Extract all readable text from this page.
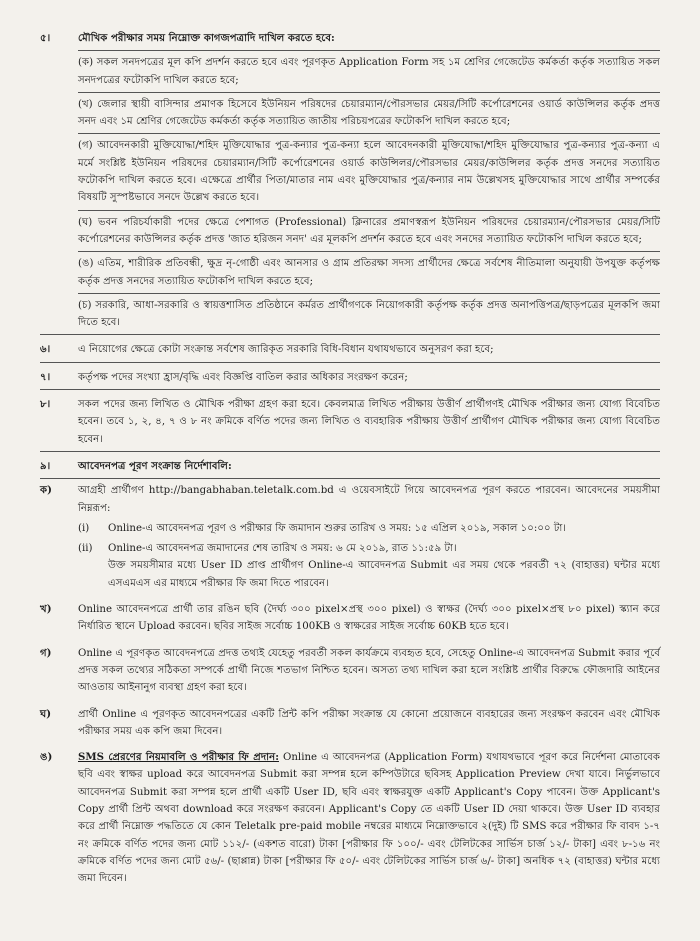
৫।	মৌখিক পরীক্ষার সময় নিম্নোক্ত কাগজপত্রাদি দাখিল করতে হবে:
(ক) সকল সনদপত্রের মূল কপি প্রদর্শন করতে হবে এবং পূরণকৃত Application Form সহ ১ম শ্রেণির গেজেটেড কর্মকর্তা কর্তৃক সত্যায়িত সকল সনদপত্রের ফটোকপি দাখিল করতে হবে;
(খ) জেলার স্থায়ী বাসিন্দার প্রমাণক হিসেবে ইউনিয়ন পরিষদের চেয়ারম্যান/পৌরসভার মেয়র/সিটি কর্পোরেশনের ওয়ার্ড কাউন্সিলর কর্তৃক প্রদত্ত সনদ এবং ১ম শ্রেণির গেজেটেড কর্মকর্তা কর্তৃক সত্যায়িত জাতীয় পরিচয়পত্রের ফটোকপি দাখিল করতে হবে;
(গ) আবেদনকারী মুক্তিযোদ্ধা/শহিদ মুক্তিযোদ্ধার পুত্র-কন্যার পুত্র-কন্যা হলে আবেদনকারী মুক্তিযোদ্ধা/শহিদ মুক্তিযোদ্ধার পুত্র-কন্যার পুত্র-কন্যা এ মর্মে সংশ্লিষ্ট ইউনিয়ন পরিষদের চেয়ারম্যান/সিটি কর্পোরেশনের ওয়ার্ড কাউন্সিলর/পৌরসভার মেয়র/কাউন্সিলর কর্তৃক প্রদত্ত সনদের সত্যায়িত ফটোকপি দাখিল করতে হবে। এক্ষেত্রে প্রার্থীর পিতা/মাতার নাম এবং মুক্তিযোদ্ধার পুত্র/কন্যার নাম উল্লেখসহ মুক্তিযোদ্ধার সাথে প্রার্থীর সম্পর্কের বিষয়টি সুস্পষ্টভাবে সনদে উল্লেখ করতে হবে।
(ঘ) ভবন পরিচর্যাকারী পদের ক্ষেত্রে পেশাগত (Professional) ক্লিনারের প্রমাণস্বরূপ ইউনিয়ন পরিষদের চেয়ারম্যান/পৌরসভার মেয়র/সিটি কর্পোরেশনের কাউন্সিলর কর্তৃক প্রদত্ত 'জাত হরিজন সনদ' এর মূলকপি প্রদর্শন করতে হবে এবং সনদের সত্যায়িত ফটোকপি দাখিল করতে হবে;
(ঙ) এতিম, শারীরিক প্রতিবন্ধী, ক্ষুদ্র নৃ-গোষ্ঠী এবং আনসার ও গ্রাম প্রতিরক্ষা সদস্য প্রার্থীদের ক্ষেত্রে সর্বশেষ নীতিমালা অনুযায়ী উপযুক্ত কর্তৃপক্ষ কর্তৃক প্রদত্ত সনদের সত্যায়িত ফটোকপি দাখিল করতে হবে;
(চ) সরকারি, আধা-সরকারি ও স্বায়ত্তশাসিত প্রতিষ্ঠানে কর্মরত প্রার্থীগণকে নিয়োগকারী কর্তৃপক্ষ কর্তৃক প্রদত্ত অনাপত্তিপত্র/ছাড়পত্রের মূলকপি জমা দিতে হবে।
৬।	এ নিয়োগের ক্ষেত্রে কোটা সংক্রান্ত সর্বশেষ জারিকৃত সরকারি বিধি-বিধান যথাযথভাবে অনুসরণ করা হবে;
৭।	কর্তৃপক্ষ পদের সংখ্যা হ্রাস/বৃদ্ধি এবং বিজ্ঞপ্তি বাতিল করার অধিকার সংরক্ষণ করেন;
৮।	সকল পদের জন্য লিখিত ও মৌখিক পরীক্ষা গ্রহণ করা হবে। কেবলমাত্র লিখিত পরীক্ষায় উত্তীর্ণ প্রার্থীগণই মৌখিক পরীক্ষার জন্য যোগ্য বিবেচিত হবেন। তবে ১, ২, ৪, ৭ ও ৮ নং ক্রমিকে বর্ণিত পদের জন্য লিখিত ও ব্যবহারিক পরীক্ষায় উত্তীর্ণ প্রার্থীগণ মৌখিক পরীক্ষার জন্য যোগ্য বিবেচিত হবেন।
৯।	আবেদনপত্র পূরণ সংক্রান্ত নির্দেশাবলি:
ক)	আগ্রহী প্রার্থীগণ http://bangabhaban.teletalk.com.bd এ ওয়েবসাইটে গিয়ে আবেদনপত্র পূরণ করতে পারবেন। আবেদনের সময়সীমা নিম্নরূপ:
(i)	Online-এ আবেদনপত্র পূরণ ও পরীক্ষার ফি জমাদান শুরুর তারিখ ও সময়: ১৫ এপ্রিল ২০১৯, সকাল ১০:০০ টা।
(ii)	Online-এ আবেদনপত্র জমাদানের শেষ তারিখ ও সময়: ৬ মে ২০১৯, রাত ১১:৫৯ টা।
উক্ত সময়সীমার মধ্যে User ID প্রাপ্ত প্রার্থীগণ Online-এ আবেদনপত্র Submit এর সময় থেকে পরবর্তী ৭২ (বাহাত্তর) ঘন্টার মধ্যে এসএমএস এর মাধ্যমে পরীক্ষার ফি জমা দিতে পারবেন।
খ)	Online আবেদনপত্রে প্রার্থী তার রঙিন ছবি (দৈর্ঘ্য ৩০০ pixel×প্রস্থ ৩০০ pixel) ও স্বাক্ষর (দৈর্ঘ্য ৩০০ pixel×প্রস্থ ৮০ pixel) স্ক্যান করে নির্ধারিত স্থানে Upload করবেন। ছবির সাইজ সর্বোচ্চ 100KB ও স্বাক্ষরের সাইজ সর্বোচ্চ 60KB হতে হবে।
গ)	Online এ পূরণকৃত আবেদনপত্রে প্রদত্ত তথ্যই যেহেতু পরবর্তী সকল কার্যক্রমে ব্যবহৃত হবে, সেহেতু Online-এ আবেদনপত্র Submit করার পূর্বে প্রদত্ত সকল তথ্যের সঠিকতা সম্পর্কে প্রার্থী নিজে শতভাগ নিশ্চিত হবেন। অসত্য তথ্য দাখিল করা হলে সংশ্লিষ্ট প্রার্থীর বিরুদ্ধে ফৌজদারি আইনের আওতায় আইনানুগ ব্যবস্থা গ্রহণ করা হবে।
ঘ)	প্রার্থী Online এ পূরণকৃত আবেদনপত্রের একটি প্রিন্ট কপি পরীক্ষা সংক্রান্ত যে কোনো প্রয়োজনে ব্যবহারের জন্য সংরক্ষণ করবেন এবং মৌখিক পরীক্ষার সময় এক কপি জমা দিবেন।
ঙ)	SMS প্রেরণের নিয়মাবলি ও পরীক্ষার ফি প্রদান: Online এ আবেদনপত্র (Application Form) যথাযথভাবে পূরণ করে নির্দেশনা মোতাবেক ছবি এবং স্বাক্ষর upload করে আবেদনপত্র Submit করা সম্পন্ন হলে কম্পিউটারে ছবিসহ Application Preview দেখা যাবে। নির্ভুলভাবে আবেদনপত্র Submit করা সম্পন্ন হলে প্রার্থী একটি User ID, ছবি এবং স্বাক্ষরযুক্ত একটি Applicant's Copy পাবেন। উক্ত Applicant's Copy প্রার্থী প্রিন্ট অথবা download করে সংরক্ষণ করবেন। Applicant's Copy তে একটি User ID দেয়া থাকবে। উক্ত User ID ব্যবহার করে প্রার্থী নিম্নোক্ত পদ্ধতিতে যে কোন Teletalk pre-paid mobile নম্বরের মাধ্যমে নিম্নোক্তভাবে ২(দুই) টি SMS করে পরীক্ষার ফি বাবদ ১-৭ নং ক্রমিকে বর্ণিত পদের জন্য মোট ১১২/- (একশত বারো) টাকা [পরীক্ষার ফি ১০০/- এবং টেলিটকের সার্ভিস চার্জ ১২/- টাকা] এবং ৮-১৬ নং ক্রমিকে বর্ণিত পদের জন্য মোট ৫৬/- (ছাপ্পান্ন) টাকা [পরীক্ষার ফি ৫০/- এবং টেলিটকের সার্ভিস চার্জ ৬/- টাকা] অনধিক ৭২ (বাহাত্তর) ঘন্টার মধ্যে জমা দিবেন।
